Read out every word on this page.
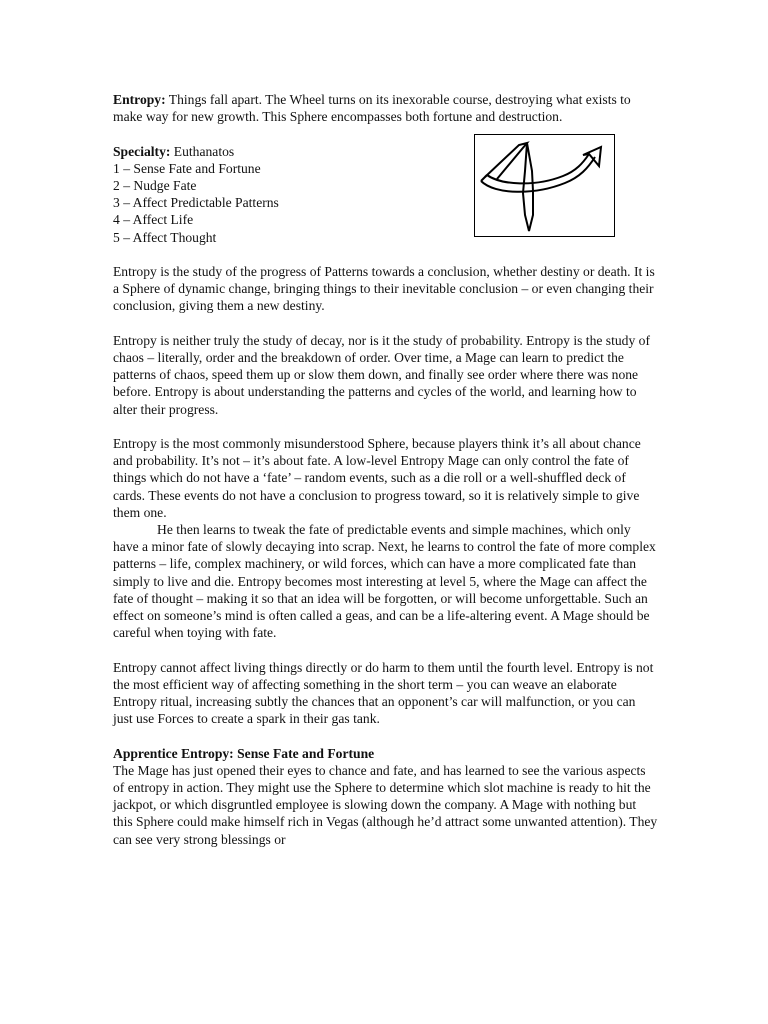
Entropy: Things fall apart. The Wheel turns on its inexorable course, destroying what exists to make way for new growth. This Sphere encompasses both fortune and destruction.

Specialty: Euthanatos
1 – Sense Fate and Fortune
2 – Nudge Fate
3 – Affect Predictable Patterns
4 – Affect Life
5 – Affect Thought

Entropy is the study of the progress of Patterns towards a conclusion, whether destiny or death. It is a Sphere of dynamic change, bringing things to their inevitable conclusion – or even changing their conclusion, giving them a new destiny.

Entropy is neither truly the study of decay, nor is it the study of probability. Entropy is the study of chaos – literally, order and the breakdown of order. Over time, a Mage can learn to predict the patterns of chaos, speed them up or slow them down, and finally see order where there was none before. Entropy is about understanding the patterns and cycles of the world, and learning how to alter their progress.

Entropy is the most commonly misunderstood Sphere, because players think it’s all about chance and probability. It’s not – it’s about fate. A low-level Entropy Mage can only control the fate of things which do not have a ‘fate’ – random events, such as a die roll or a well-shuffled deck of cards. These events do not have a conclusion to progress toward, so it is relatively simple to give them one.

He then learns to tweak the fate of predictable events and simple machines, which only have a minor fate of slowly decaying into scrap. Next, he learns to control the fate of more complex patterns – life, complex machinery, or wild forces, which can have a more complicated fate than simply to live and die. Entropy becomes most interesting at level 5, where the Mage can affect the fate of thought – making it so that an idea will be forgotten, or will become unforgettable. Such an effect on someone’s mind is often called a geas, and can be a life-altering event. A Mage should be careful when toying with fate.

Entropy cannot affect living things directly or do harm to them until the fourth level. Entropy is not the most efficient way of affecting something in the short term – you can weave an elaborate Entropy ritual, increasing subtly the chances that an opponent’s car will malfunction, or you can just use Forces to create a spark in their gas tank.

Apprentice Entropy: Sense Fate and Fortune

The Mage has just opened their eyes to chance and fate, and has learned to see the various aspects of entropy in action. They might use the Sphere to determine which slot machine is ready to hit the jackpot, or which disgruntled employee is slowing down the company. A Mage with nothing but this Sphere could make himself rich in Vegas (although he’d attract some unwanted attention). They can see very strong blessings or
